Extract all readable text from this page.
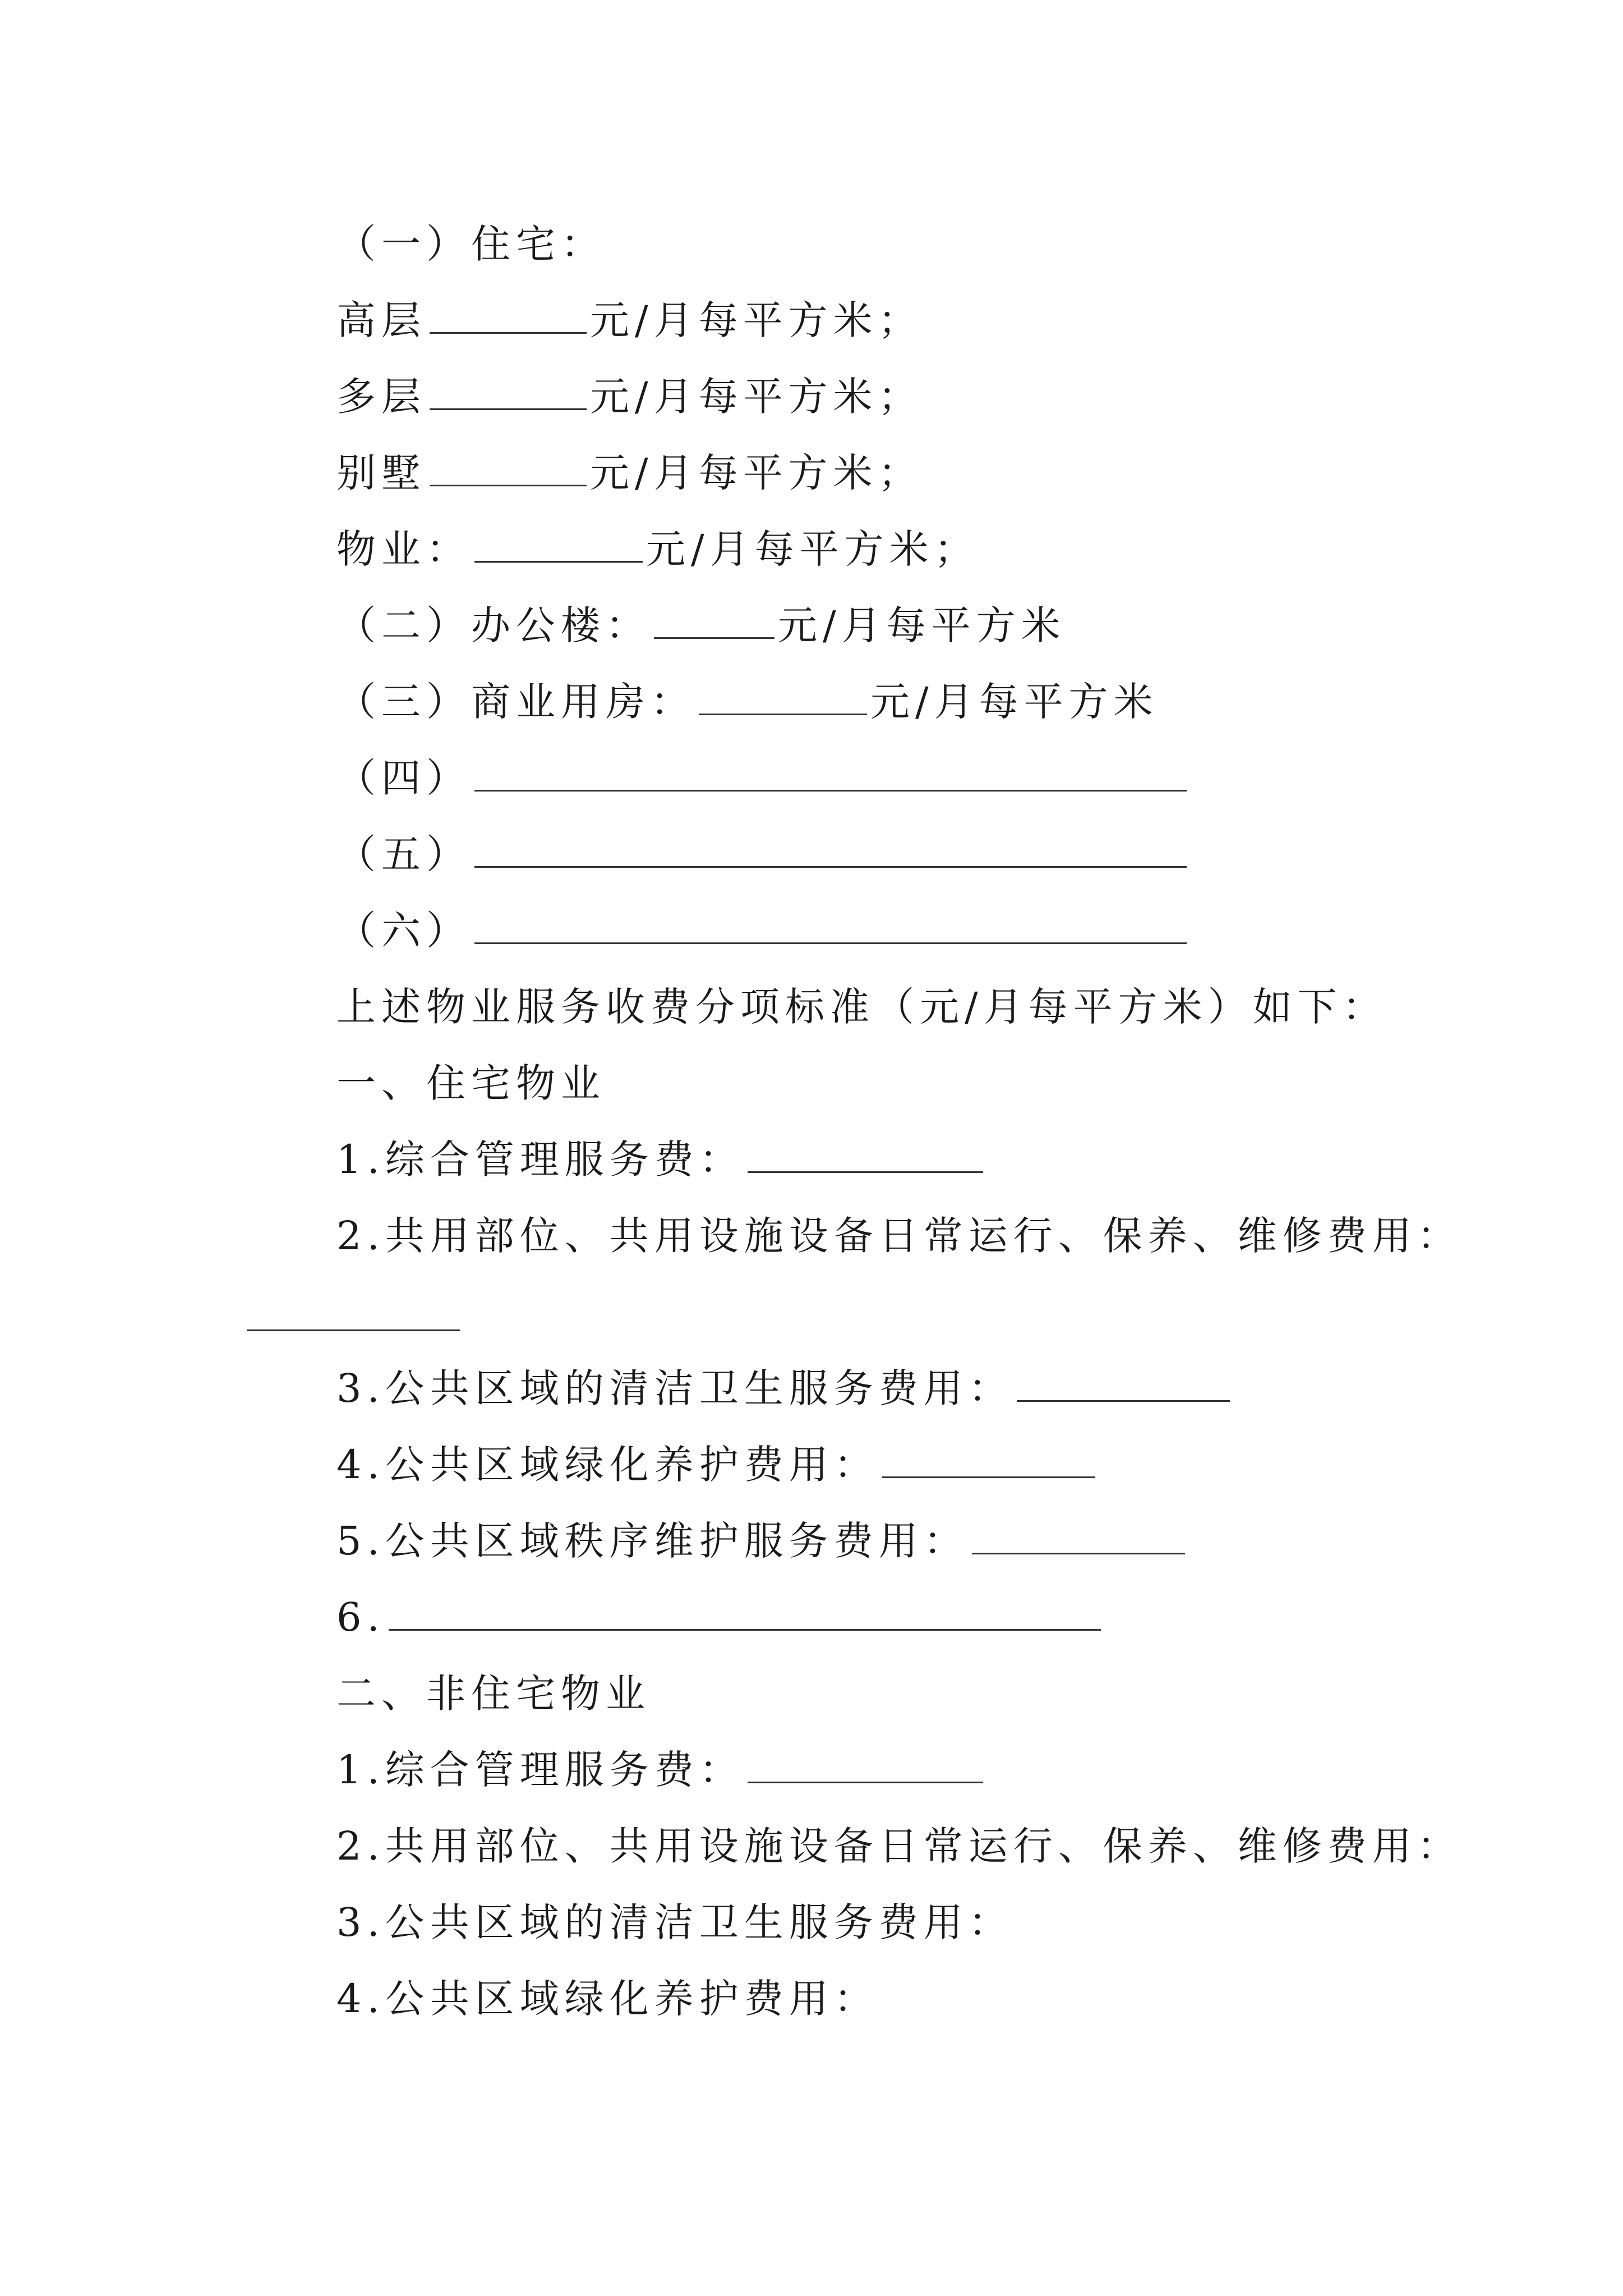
（一）住宅：
高层	元/月每平方米；
多层	元/月每平方米；
别墅	元/月每平方米；
物业：	元/月每平方米；
（二）办公楼：	元/月每平方米
（三）商业用房：	元/月每平方米
（四）
（五）
（六）
上述物业服务收费分项标准（元/月每平方米）如下：
一、住宅物业
1.综合管理服务费：
2.共用部位、共用设施设备日常运行、保养、维修费用：
3.公共区域的清洁卫生服务费用：
4.公共区域绿化养护费用：
5.公共区域秩序维护服务费用：
6.
二、非住宅物业
1.综合管理服务费：
2.共用部位、共用设施设备日常运行、保养、维修费用：
3.公共区域的清洁卫生服务费用：
4.公共区域绿化养护费用：
